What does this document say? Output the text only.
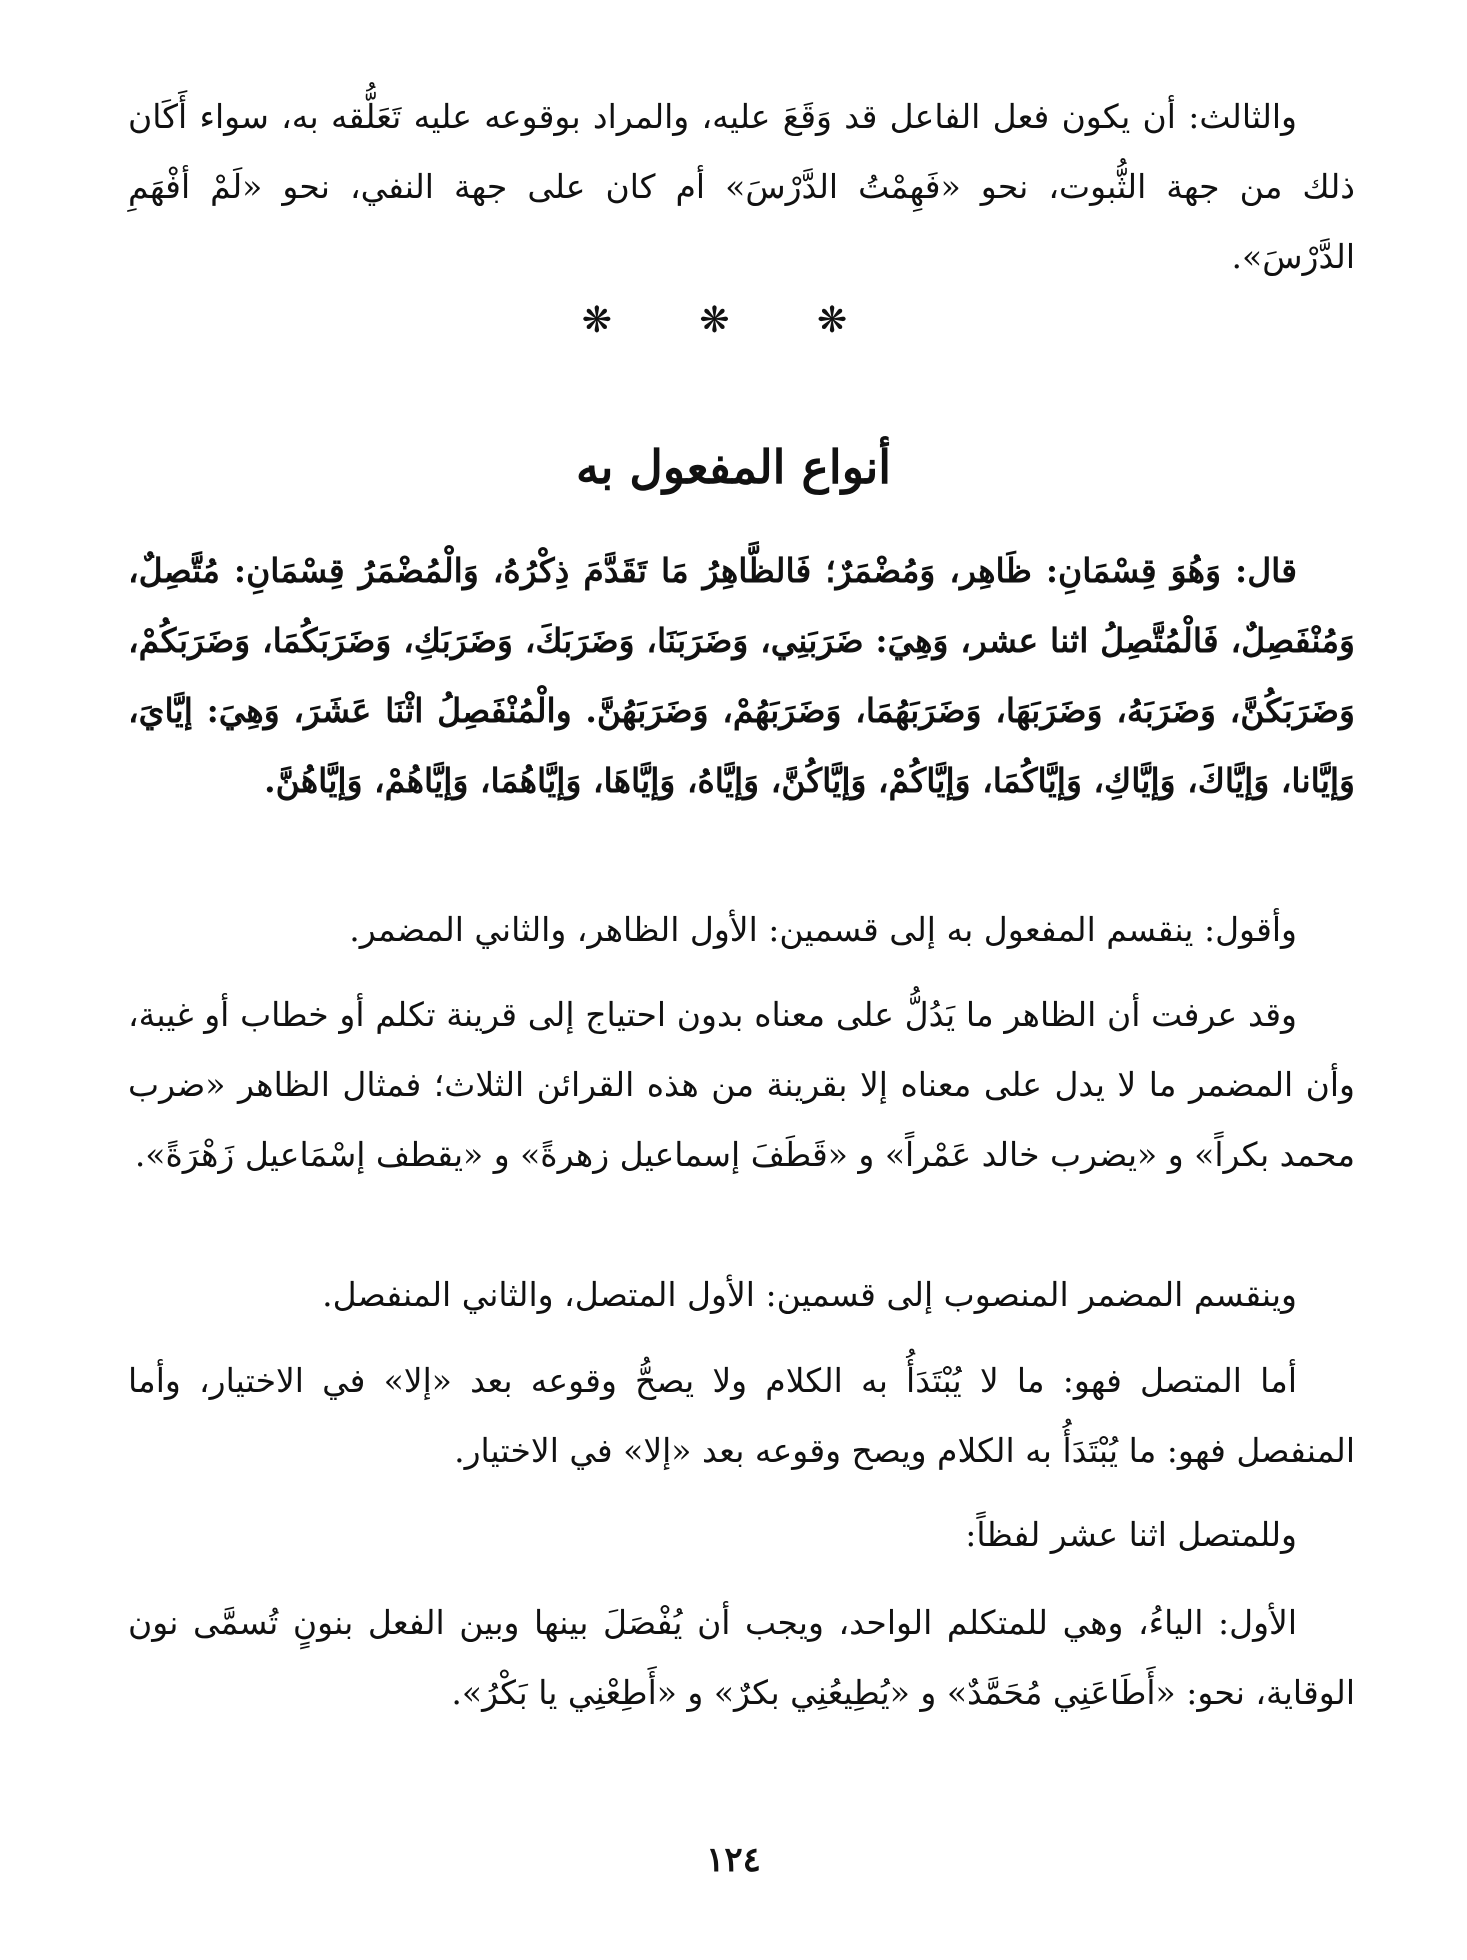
والثالث: أن يكون فعل الفاعل قد وَقَعَ عليه، والمراد بوقوعه عليه تَعَلُّقه به، سواء أَكَان ذلك من جهة الثُّبوت، نحو «فَهِمْتُ الدَّرْسَ» أم كان على جهة النفي، نحو «لَمْ أفْهَمِ الدَّرْسَ».

❋ ❋ ❋

أنواع المفعول به

قال: وَهُوَ قِسْمَانِ: ظَاهِر، وَمُضْمَرٌ؛ فَالظَّاهِرُ مَا تَقَدَّمَ ذِكْرُهُ، وَالْمُضْمَرُ قِسْمَانِ: مُتَّصِلٌ، وَمُنْفَصِلٌ، فَالْمُتَّصِلُ اثنا عشر، وَهِيَ: ضَرَبَنِي، وَضَرَبَنَا، وَضَرَبَكَ، وَضَرَبَكِ، وَضَرَبَكُمَا، وَضَرَبَكُمْ، وَضَرَبَكُنَّ، وَضَرَبَهُ، وَضَرَبَهَا، وَضَرَبَهُمَا، وَضَرَبَهُمْ، وَضَرَبَهُنَّ. والْمُنْفَصِلُ اثْنَا عَشَرَ، وَهِيَ: إيَّايَ، وَإيَّانا، وَإيَّاكَ، وَإيَّاكِ، وَإيَّاكُمَا، وَإيَّاكُمْ، وَإيَّاكُنَّ، وَإيَّاهُ، وَإيَّاهَا، وَإيَّاهُمَا، وَإيَّاهُمْ، وَإيَّاهُنَّ.

وأقول: ينقسم المفعول به إلى قسمين: الأول الظاهر، والثاني المضمر.

وقد عرفت أن الظاهر ما يَدُلُّ على معناه بدون احتياج إلى قرينة تكلم أو خطاب أو غيبة، وأن المضمر ما لا يدل على معناه إلا بقرينة من هذه القرائن الثلاث؛ فمثال الظاهر «ضرب محمد بكراً» و «يضرب خالد عَمْراً» و «قَطَفَ إسماعيل زهرةً» و «يقطف إسْمَاعيل زَهْرَةً».

وينقسم المضمر المنصوب إلى قسمين: الأول المتصل، والثاني المنفصل.

أما المتصل فهو: ما لا يُبْتَدَأُ به الكلام ولا يصحُّ وقوعه بعد «إلا» في الاختيار، وأما المنفصل فهو: ما يُبْتَدَأُ به الكلام ويصح وقوعه بعد «إلا» في الاختيار.

وللمتصل اثنا عشر لفظاً:

الأول: الياءُ، وهي للمتكلم الواحد، ويجب أن يُفْصَلَ بينها وبين الفعل بنونٍ تُسمَّى نون الوقاية، نحو: «أَطَاعَنِي مُحَمَّدٌ» و «يُطِيعُنِي بكرٌ» و «أَطِعْنِي يا بَكْرُ».

١٢٤
